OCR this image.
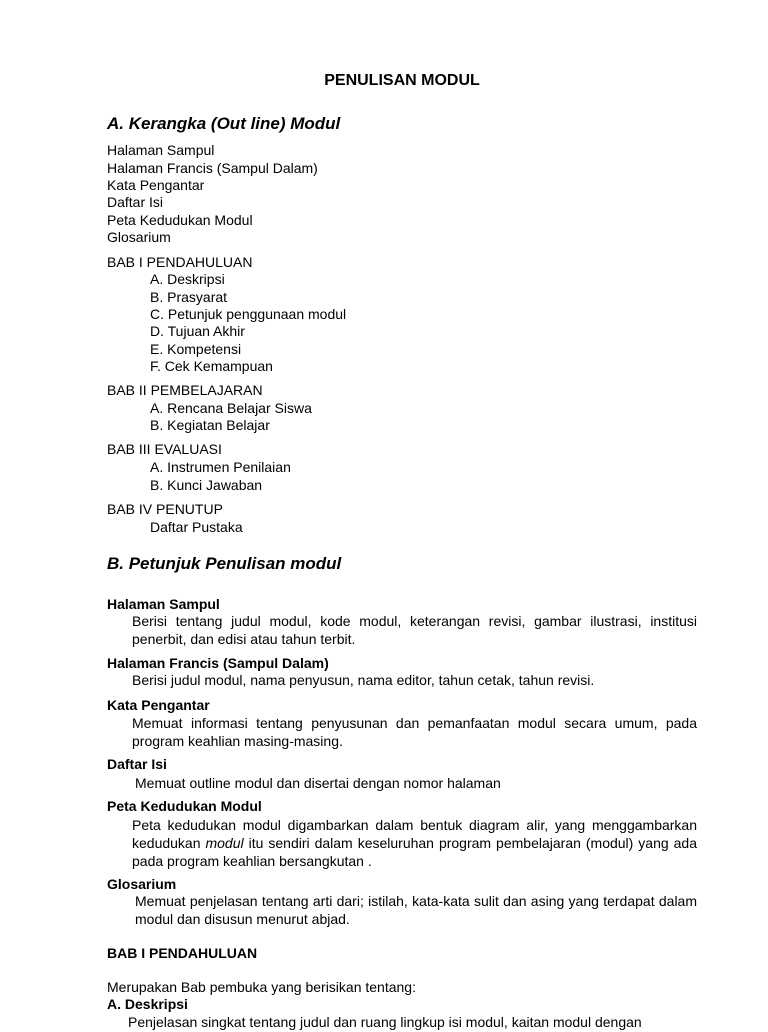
PENULISAN MODUL
A. Kerangka (Out line) Modul
Halaman Sampul
Halaman Francis (Sampul Dalam)
Kata Pengantar
Daftar Isi
Peta Kedudukan Modul
Glosarium
BAB I PENDAHULUAN
A. Deskripsi
B. Prasyarat
C. Petunjuk penggunaan modul
D. Tujuan Akhir
E. Kompetensi
F. Cek Kemampuan
BAB II PEMBELAJARAN
A. Rencana Belajar Siswa
B. Kegiatan Belajar
BAB III EVALUASI
A. Instrumen Penilaian
B. Kunci Jawaban
BAB IV PENUTUP
Daftar Pustaka
B. Petunjuk Penulisan modul
Halaman Sampul
Berisi tentang judul modul, kode modul, keterangan revisi, gambar ilustrasi, institusi penerbit, dan edisi atau tahun terbit.
Halaman Francis (Sampul Dalam)
Berisi judul modul, nama penyusun, nama editor, tahun cetak, tahun revisi.
Kata Pengantar
Memuat informasi tentang penyusunan dan pemanfaatan modul secara umum, pada program keahlian masing-masing.
Daftar Isi
Memuat outline modul dan disertai dengan nomor halaman
Peta Kedudukan Modul
Peta kedudukan modul digambarkan dalam bentuk diagram alir, yang menggambarkan kedudukan modul itu sendiri dalam keseluruhan program pembelajaran (modul) yang ada pada program keahlian bersangkutan .
Glosarium
Memuat penjelasan tentang arti dari; istilah, kata-kata sulit dan asing yang terdapat dalam modul dan disusun menurut abjad.
BAB I PENDAHULUAN
Merupakan Bab pembuka yang berisikan tentang:
A. Deskripsi
Penjelasan singkat tentang judul dan ruang lingkup isi modul, kaitan modul dengan
